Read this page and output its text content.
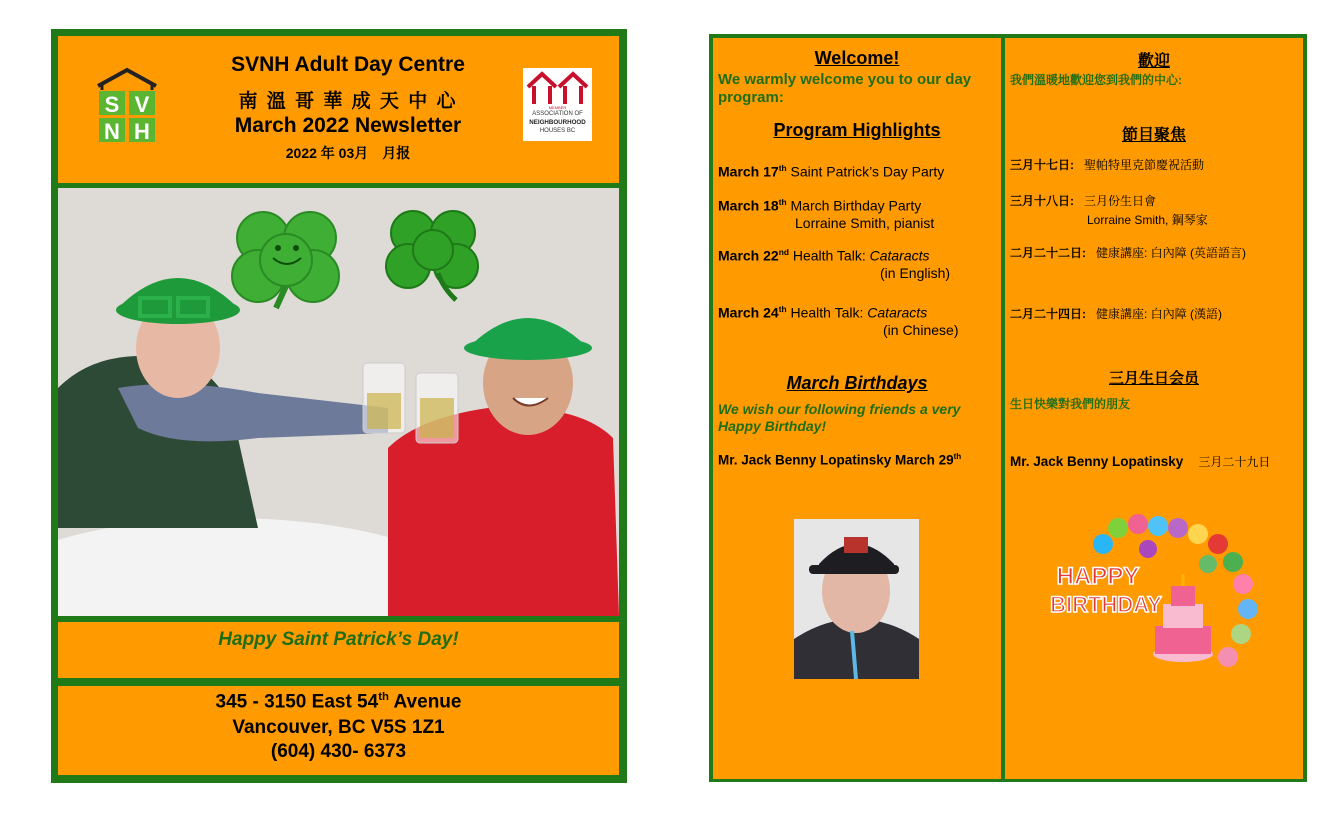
S V
N H
SVNH Adult Day Centre
南 溫 哥 華 成 天 中 心
March 2022 Newsletter
2022 年 03月　月报
MEMBER
ASSOCIATION OF
NEIGHBOURHOOD
HOUSES BC
Happy Saint Patrick’s Day!
345 - 3150 East 54th Avenue
Vancouver, BC V5S 1Z1
(604) 430- 6373
Welcome!
We warmly welcome you to our day program:
Program Highlights
March 17th Saint Patrick’s Day Party
March 18th March Birthday Party
Lorraine Smith, pianist
March 22nd Health Talk: Cataracts
(in English)
March 24th Health Talk: Cataracts
(in Chinese)
March Birthdays
We wish our following friends a very Happy Birthday!
Mr. Jack Benny Lopatinsky March 29th
歡迎
我們溫暖地歡迎您到我們的中心:
節目聚焦
三月十七日: 聖帕特里克節慶祝活動
三月十八日: 三月份生日會
Lorraine Smith, 鋼琴家
二月二十二日: 健康講座: 白內障 (英語語言)
二月二十四日: 健康講座: 白內障 (漢語)
三月生日会员
生日快樂對我們的朋友
Mr. Jack Benny Lopatinsky 三月二十九日
HAPPY
BIRTHDAY
